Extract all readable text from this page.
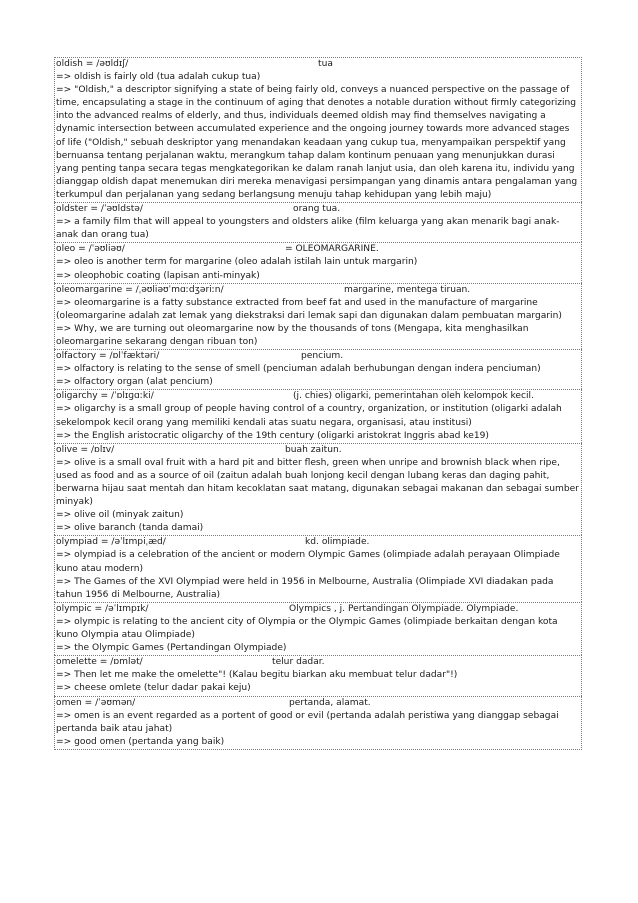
oldish = /əʊldɪʃ/	tua
=> oldish is fairly old (tua adalah cukup tua)
=> "Oldish," a descriptor signifying a state of being fairly old, conveys a nuanced perspective on the passage of time, encapsulating a stage in the continuum of aging that denotes a notable duration without firmly categorizing into the advanced realms of elderly, and thus, individuals deemed oldish may find themselves navigating a dynamic intersection between accumulated experience and the ongoing journey towards more advanced stages of life ("Oldish," sebuah deskriptor yang menandakan keadaan yang cukup tua, menyampaikan perspektif yang bernuansa tentang perjalanan waktu, merangkum tahap dalam kontinum penuaan yang menunjukkan durasi yang penting tanpa secara tegas mengkategorikan ke dalam ranah lanjut usia, dan oleh karena itu, individu yang dianggap oldish dapat menemukan diri mereka menavigasi persimpangan yang dinamis antara pengalaman yang terkumpul dan perjalanan yang sedang berlangsung menuju tahap kehidupan yang lebih maju)
oldster = /ˈəʊldstə/	orang tua.
=> a family film that will appeal to youngsters and oldsters alike (film keluarga yang akan menarik bagi anak-anak dan orang tua)
oleo = /ˈəʊliəʊ/	= OLEOMARGARINE.
=> oleo is another term for margarine (oleo adalah istilah lain untuk margarin)
=> oleophobic coating (lapisan anti-minyak)
oleomargarine = /ˌəʊliəʊˈmɑːdʒəriːn/	margarine, mentega tiruan.
=> oleomargarine is a fatty substance extracted from beef fat and used in the manufacture of margarine (oleomargarine adalah zat lemak yang diekstraksi dari lemak sapi dan digunakan dalam pembuatan margarin)
=> Why, we are turning out oleomargarine now by the thousands of tons (Mengapa, kita menghasilkan oleomargarine sekarang dengan ribuan ton)
olfactory = /ɒlˈfæktəri/	pencium.
=> olfactory is relating to the sense of smell (penciuman adalah berhubungan dengan indera penciuman)
=> olfactory organ (alat pencium)
oligarchy = /ˈɒlɪɡɑːki/	(j. chies) oligarki, pemerintahan oleh kelompok kecil.
=> oligarchy is a small group of people having control of a country, organization, or institution (oligarki adalah sekelompok kecil orang yang memiliki kendali atas suatu negara, organisasi, atau institusi)
=> the English aristocratic oligarchy of the 19th century (oligarki aristokrat Inggris abad ke19)
olive = /ɒlɪv/	buah zaitun.
=> olive is a small oval fruit with a hard pit and bitter flesh, green when unripe and brownish black when ripe, used as food and as a source of oil (zaitun adalah buah lonjong kecil dengan lubang keras dan daging pahit, berwarna hijau saat mentah dan hitam kecoklatan saat matang, digunakan sebagai makanan dan sebagai sumber minyak)
=> olive oil (minyak zaitun)
=> olive baranch (tanda damai)
olympiad = /əˈlɪmpiˌæd/	kd. olimpiade.
=> olympiad is a celebration of the ancient or modern Olympic Games (olimpiade adalah perayaan Olimpiade kuno atau modern)
=> The Games of the XVI Olympiad were held in 1956 in Melbourne, Australia (Olimpiade XVI diadakan pada tahun 1956 di Melbourne, Australia)
olympic = /əˈlɪmpɪk/	Olympics , j. Pertandingan Olympiade. Olympiade.
=> olympic is relating to the ancient city of Olympia or the Olympic Games (olimpiade berkaitan dengan kota kuno Olympia atau Olimpiade)
=> the Olympic Games (Pertandingan Olympiade)
omelette = /ɒmlət/	telur dadar.
=> Then let me make the omelette"! (Kalau begitu biarkan aku membuat telur dadar"!)
=> cheese omlete (telur dadar pakai keju)
omen = /ˈəʊmən/	pertanda, alamat.
=> omen is an event regarded as a portent of good or evil (pertanda adalah peristiwa yang dianggap sebagai pertanda baik atau jahat)
=> good omen (pertanda yang baik)
